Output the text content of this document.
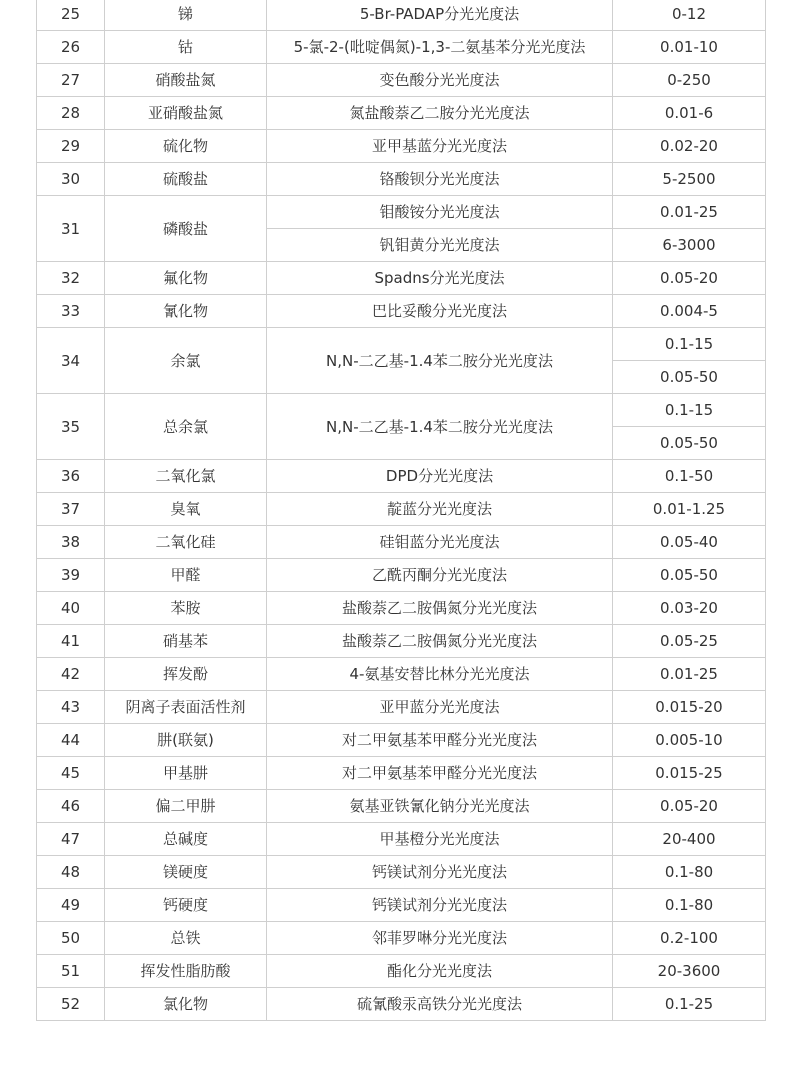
25	锑	5-Br-PADAP分光光度法	0-12
26	钴	5-氯-2-(吡啶偶氮)-1,3-二氨基苯分光光度法	0.01-10
27	硝酸盐氮	变色酸分光光度法	0-250
28	亚硝酸盐氮	氮盐酸萘乙二胺分光光度法	0.01-6
29	硫化物	亚甲基蓝分光光度法	0.02-20
30	硫酸盐	铬酸钡分光光度法	5-2500
31	磷酸盐	钼酸铵分光光度法	0.01-25
		钒钼黄分光光度法	6-3000
32	氟化物	Spadns分光光度法	0.05-20
33	氰化物	巴比妥酸分光光度法	0.004-5
34	余氯	N,N-二乙基-1.4苯二胺分光光度法	0.1-15
			0.05-50
35	总余氯	N,N-二乙基-1.4苯二胺分光光度法	0.1-15
			0.05-50
36	二氧化氯	DPD分光光度法	0.1-50
37	臭氧	靛蓝分光光度法	0.01-1.25
38	二氧化硅	硅钼蓝分光光度法	0.05-40
39	甲醛	乙酰丙酮分光光度法	0.05-50
40	苯胺	盐酸萘乙二胺偶氮分光光度法	0.03-20
41	硝基苯	盐酸萘乙二胺偶氮分光光度法	0.05-25
42	挥发酚	4-氨基安替比林分光光度法	0.01-25
43	阴离子表面活性剂	亚甲蓝分光光度法	0.015-20
44	肼(联氨)	对二甲氨基苯甲醛分光光度法	0.005-10
45	甲基肼	对二甲氨基苯甲醛分光光度法	0.015-25
46	偏二甲肼	氨基亚铁氰化钠分光光度法	0.05-20
47	总碱度	甲基橙分光光度法	20-400
48	镁硬度	钙镁试剂分光光度法	0.1-80
49	钙硬度	钙镁试剂分光光度法	0.1-80
50	总铁	邻菲罗啉分光光度法	0.2-100
51	挥发性脂肪酸	酯化分光光度法	20-3600
52	氯化物	硫氰酸汞高铁分光光度法	0.1-25
